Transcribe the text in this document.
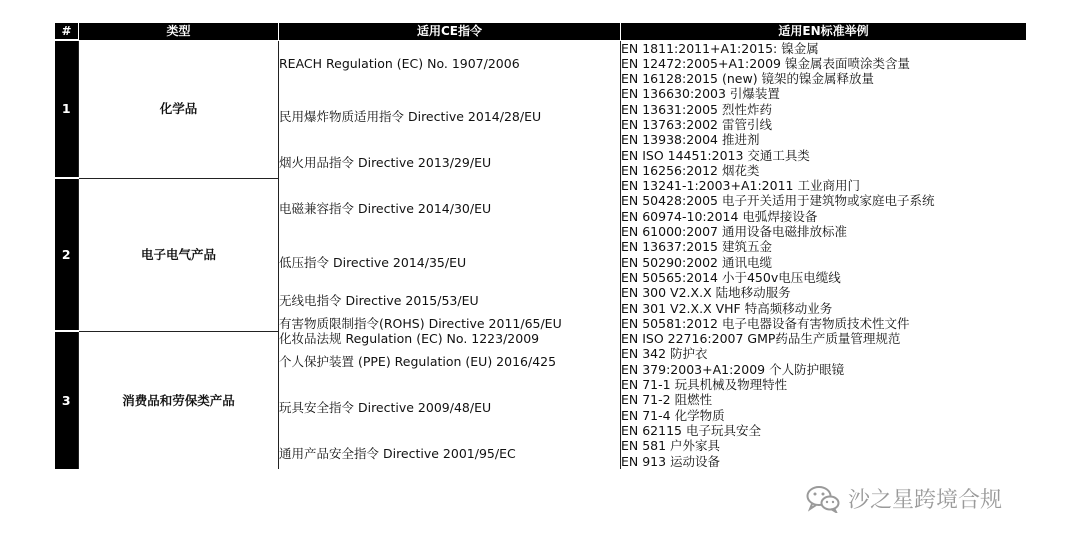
#	类型	适用CE指令	适用EN标准举例
1	化学品	REACH Regulation (EC) No. 1907/2006	EN 1811:2011+A1:2015: 镍金属
EN 12472:2005+A1:2009 镍金属表面喷涂类含量
EN 16128:2015 (new) 镜架的镍金属释放量

		民用爆炸物质适用指令 Directive 2014/28/EU	EN 136630:2003 引爆装置
EN 13631:2005 烈性炸药
EN 13763:2002 雷管引线
EN 13938:2004 推进剂

		烟火用品指令 Directive 2013/29/EU	EN ISO 14451:2013 交通工具类
EN 16256:2012 烟花类

2	电子电气产品	电磁兼容指令 Directive 2014/30/EU	EN 13241-1:2003+A1:2011 工业商用门
EN 50428:2005 电子开关适用于建筑物或家庭电子系统
EN 60974-10:2014 电弧焊接设备
EN 61000:2007 通用设备电磁排放标准

		低压指令 Directive 2014/35/EU	EN 13637:2015 建筑五金
EN 50290:2002 通讯电缆
EN 50565:2014 小于450v电压电缆线

		无线电指令 Directive 2015/53/EU	EN 300 V2.X.X 陆地移动服务
EN 301 V2.X.X VHF 特高频移动业务

		有害物质限制指令(ROHS) Directive 2011/65/EU	EN 50581:2012 电子电器设备有害物质技术性文件

3	消费品和劳保类产品	化妆品法规 Regulation (EC) No. 1223/2009	EN ISO 22716:2007 GMP药品生产质量管理规范

		个人保护装置 (PPE) Regulation (EU) 2016/425	EN 342 防护衣
EN 379:2003+A1:2009 个人防护眼镜

		玩具安全指令 Directive 2009/48/EU	EN 71-1 玩具机械及物理特性
EN 71-2 阻燃性
EN 71-4 化学物质
EN 62115 电子玩具安全

		通用产品安全指令 Directive 2001/95/EC	EN 581 户外家具
EN 913 运动设备
沙之星跨境合规
